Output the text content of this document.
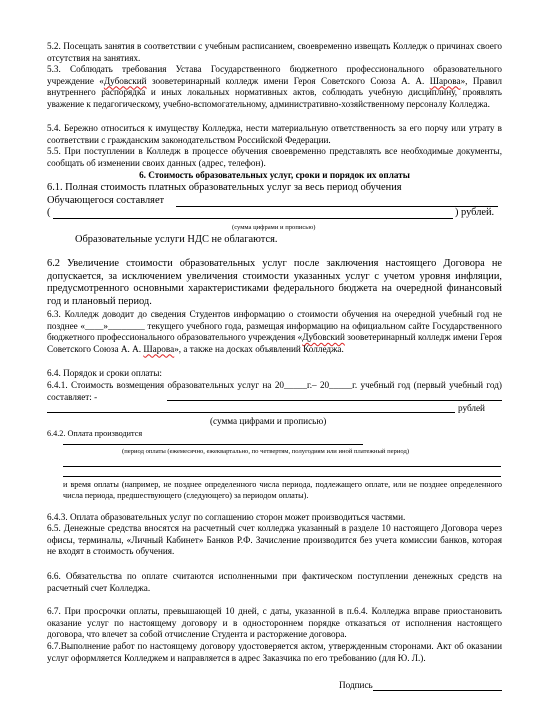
5.2. Посещать занятия в соответствии с учебным расписанием, своевременно извещать Колледж о причинах своего отсутствия на занятиях.

5.3. Соблюдать требования Устава Государственного бюджетного профессионального образовательного учреждение «Дубовский зооветеринарный колледж имени Героя Советского Союза А. А. Шарова», Правил внутреннего распорядка и иных локальных нормативных актов, соблюдать учебную дисциплину, проявлять уважение к педагогическому, учебно-вспомогательному, административно-хозяйственному персоналу Колледжа.

5.4. Бережно относиться к имуществу Колледжа, нести материальную ответственность за его порчу или утрату в соответствии с гражданским законодательством Российской Федерации.

5.5. При поступлении в Колледж в процессе обучения своевременно представлять все необходимые документы, сообщать об изменении своих данных (адрес, телефон).

6. Стоимость образовательных услуг, сроки и порядок их оплаты

6.1. Полная стоимость платных образовательных услуг за весь период обучения

Обучающегося составляет

(	) рублей.

(сумма цифрами и прописью)

Образовательные услуги НДС не облагаются.

6.2 Увеличение стоимости образовательных услуг после заключения настоящего Договора не допускается, за исключением увеличения стоимости указанных услуг с учетом уровня инфляции, предусмотренного основными характеристиками федерального бюджета на очередной финансовый год и плановый период.

6.3. Колледж доводит до сведения Студентов информацию о стоимости обучения на очередной учебный год не позднее «____»________ текущего учебного года, размещая информацию на официальном сайте Государственного бюджетного профессионального образовательного учреждения «Дубовский зооветеринарный колледж имени Героя Советского Союза А. А. Шарова», а также на досках объявлений Колледжа.

6.4. Порядок и сроки оплаты:

6.4.1. Стоимость возмещения образовательных услуг на 20_____г.– 20_____г. учебный год (первый учебный год) составляет: -

рублей

(сумма цифрами и прописью)

6.4.2. Оплата производится

(период оплаты (ежемесячно, ежеквартально, по четвертям, полугодиям или иной платежный период)

и время оплаты (например, не позднее определенного числа периода, подлежащего оплате, или не позднее определенного числа периода, предшествующего (следующего) за периодом оплаты).

6.4.3. Оплата образовательных услуг по соглашению сторон может производиться частями.

6.5. Денежные средства вносятся на расчетный счет колледжа указанный в разделе 10 настоящего Договора через офисы, терминалы, «Личный Кабинет» Банков Р.Ф. Зачисление производится без учета комиссии банков, которая не входят в стоимость обучения.

6.6. Обязательства по оплате считаются исполненными при фактическом поступлении денежных средств на расчетный счет Колледжа.

6.7. При просрочки оплаты, превышающей 10 дней, с даты, указанной в п.6.4. Колледжа вправе приостановить оказание услуг по настоящему договору и в одностороннем порядке отказаться от исполнения настоящего договора, что влечет за собой отчисление Студента и расторжение договора.

6.7.Выполнение работ по настоящему договору удостоверяется актом, утвержденным сторонами. Акт об оказании услуг оформляется Колледжем и направляется в адрес Заказчика по его требованию (для Ю. Л.).

Подпись
